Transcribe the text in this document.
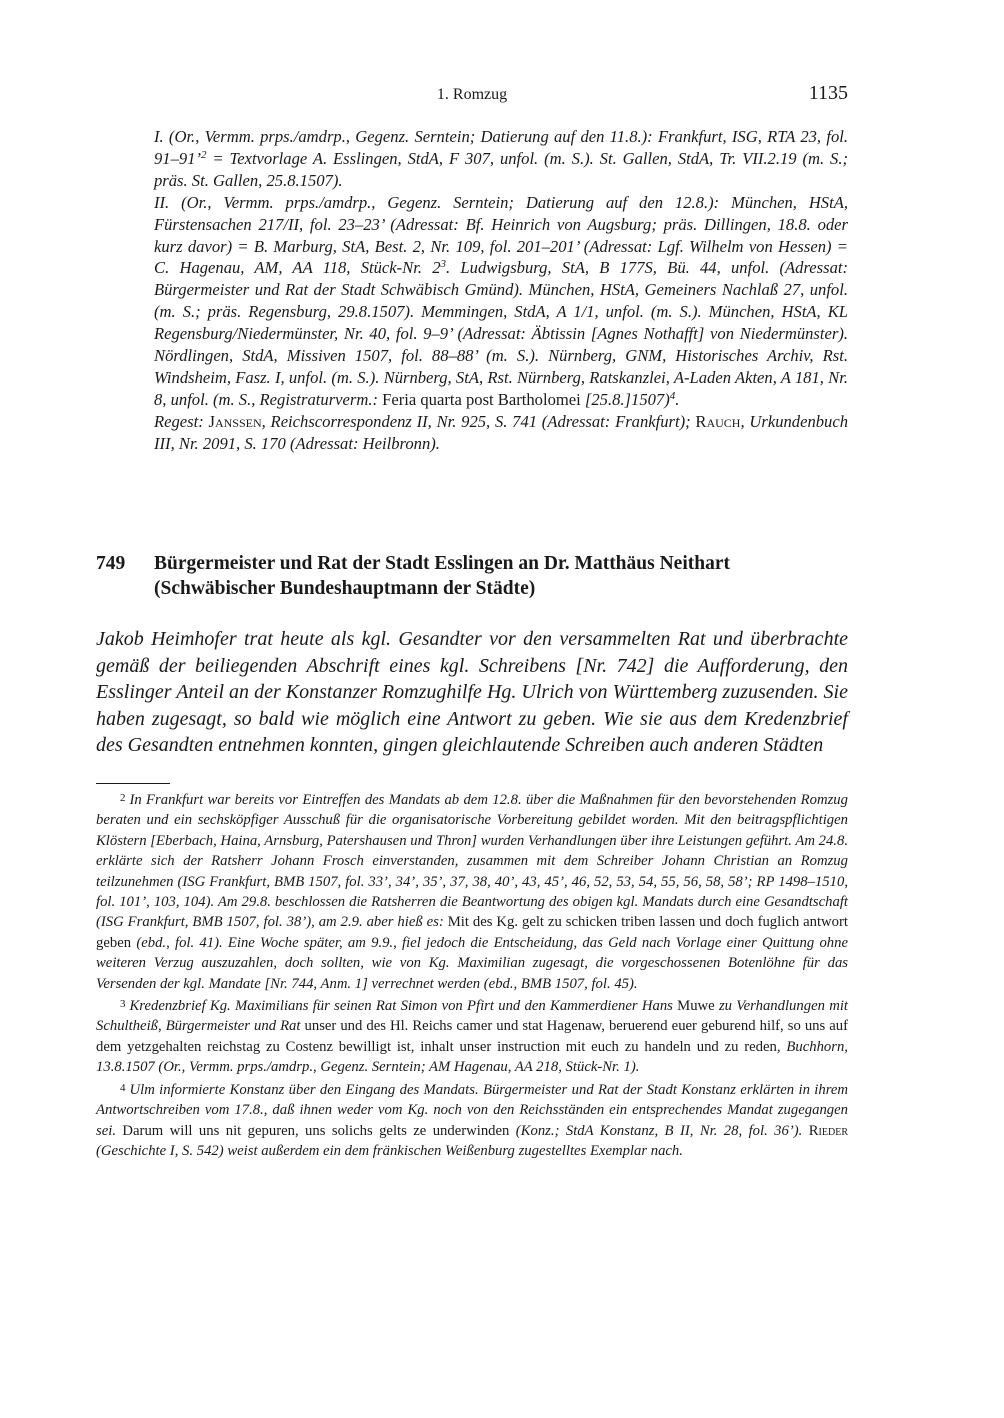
1. Romzug	1135

I. (Or., Vermm. prps./amdrp., Gegenz. Serntein; Datierung auf den 11.8.): Frankfurt, ISG, RTA 23, fol. 91–91’$^2$ = Textvorlage A. Esslingen, StdA, F 307, unfol. (m. S.). St. Gallen, StdA, Tr. VII.2.19 (m. S.; präs. St. Gallen, 25.8.1507).

II. (Or., Vermm. prps./amdrp., Gegenz. Serntein; Datierung auf den 12.8.): München, HStA, Fürstensachen 217/II, fol. 23–23’ (Adressat: Bf. Heinrich von Augsburg; präs. Dillingen, 18.8. oder kurz davor) = B. Marburg, StA, Best. 2, Nr. 109, fol. 201–201’ (Adressat: Lgf. Wilhelm von Hessen) = C. Hagenau, AM, AA 118, Stück-Nr. $2^3$. Ludwigsburg, StA, B 177S, Bü. 44, unfol. (Adressat: Bürgermeister und Rat der Stadt Schwäbisch Gmünd). München, HStA, Gemeiners Nachlaß 27, unfol. (m. S.; präs. Regensburg, 29.8.1507). Memmingen, StdA, A 1/1, unfol. (m. S.). München, HStA, KL Regensburg/Niedermünster, Nr. 40, fol. 9–9’ (Adressat: Äbtissin [Agnes Nothafft] von Niedermünster). Nördlingen, StdA, Missiven 1507, fol. 88–88’ (m. S.). Nürnberg, GNM, Historisches Archiv, Rst. Windsheim, Fasz. I, unfol. (m. S.). Nürnberg, StA, Rst. Nürnberg, Ratskanzlei, A-Laden Akten, A 181, Nr. 8, unfol. (m. S., Registraturverm.: Feria quarta post Bartholomei [25.8.]1507)$^4$.

Regest: Janssen, Reichscorrespondenz II, Nr. 925, S. 741 (Adressat: Frankfurt); Rauch, Urkundenbuch III, Nr. 2091, S. 170 (Adressat: Heilbronn).

749 Bürgermeister und Rat der Stadt Esslingen an Dr. Matthäus Neithart (Schwäbischer Bundeshauptmann der Städte)

Jakob Heimhofer trat heute als kgl. Gesandter vor den versammelten Rat und überbrachte gemäß der beiliegenden Abschrift eines kgl. Schreibens [Nr. 742] die Aufforderung, den Esslinger Anteil an der Konstanzer Romzughilfe Hg. Ulrich von Württemberg zuzusenden. Sie haben zugesagt, so bald wie möglich eine Antwort zu geben. Wie sie aus dem Kredenzbrief des Gesandten entnehmen konnten, gingen gleichlautende Schreiben auch anderen Städten

$^2$ In Frankfurt war bereits vor Eintreffen des Mandats ab dem 12.8. über die Maßnahmen für den bevorstehenden Romzug beraten und ein sechsköpfiger Ausschuß für die organisatorische Vorbereitung gebildet worden. Mit den beitragspflichtigen Klöstern [Eberbach, Haina, Arnsburg, Patershausen und Thron] wurden Verhandlungen über ihre Leistungen geführt. Am 24.8. erklärte sich der Ratsherr Johann Frosch einverstanden, zusammen mit dem Schreiber Johann Christian an Romzug teilzunehmen (ISG Frankfurt, BMB 1507, fol. 33’, 34’, 35’, 37, 38, 40’, 43, 45’, 46, 52, 53, 54, 55, 56, 58, 58’; RP 1498–1510, fol. 101’, 103, 104). Am 29.8. beschlossen die Ratsherren die Beantwortung des obigen kgl. Mandats durch eine Gesandtschaft (ISG Frankfurt, BMB 1507, fol. 38’), am 2.9. aber hieß es: Mit des Kg. gelt zu schicken triben lassen und doch fuglich antwort geben (ebd., fol. 41). Eine Woche später, am 9.9., fiel jedoch die Entscheidung, das Geld nach Vorlage einer Quittung ohne weiteren Verzug auszuzahlen, doch sollten, wie von Kg. Maximilian zugesagt, die vorgeschossenen Botenlöhne für das Versenden der kgl. Mandate [Nr. 744, Anm. 1] verrechnet werden (ebd., BMB 1507, fol. 45).

$^3$ Kredenzbrief Kg. Maximilians für seinen Rat Simon von Pfirt und den Kammerdiener Hans Muwe zu Verhandlungen mit Schultheiß, Bürgermeister und Rat unser und des Hl. Reichs camer und stat Hagenaw, beruerend euer geburend hilf, so uns auf dem yetzgehalten reichstag zu Costenz bewilligt ist, inhalt unser instruction mit euch zu handeln und zu reden, Buchhorn, 13.8.1507 (Or., Vermm. prps./amdrp., Gegenz. Serntein; AM Hagenau, AA 218, Stück-Nr. 1).

$^4$ Ulm informierte Konstanz über den Eingang des Mandats. Bürgermeister und Rat der Stadt Konstanz erklärten in ihrem Antwortschreiben vom 17.8., daß ihnen weder vom Kg. noch von den Reichsständen ein entsprechendes Mandat zugegangen sei. Darum will uns nit gepuren, uns solichs gelts ze underwinden (Konz.; StdA Konstanz, B II, Nr. 28, fol. 36’). Rieder (Geschichte I, S. 542) weist außerdem ein dem fränkischen Weißenburg zugestelltes Exemplar nach.
